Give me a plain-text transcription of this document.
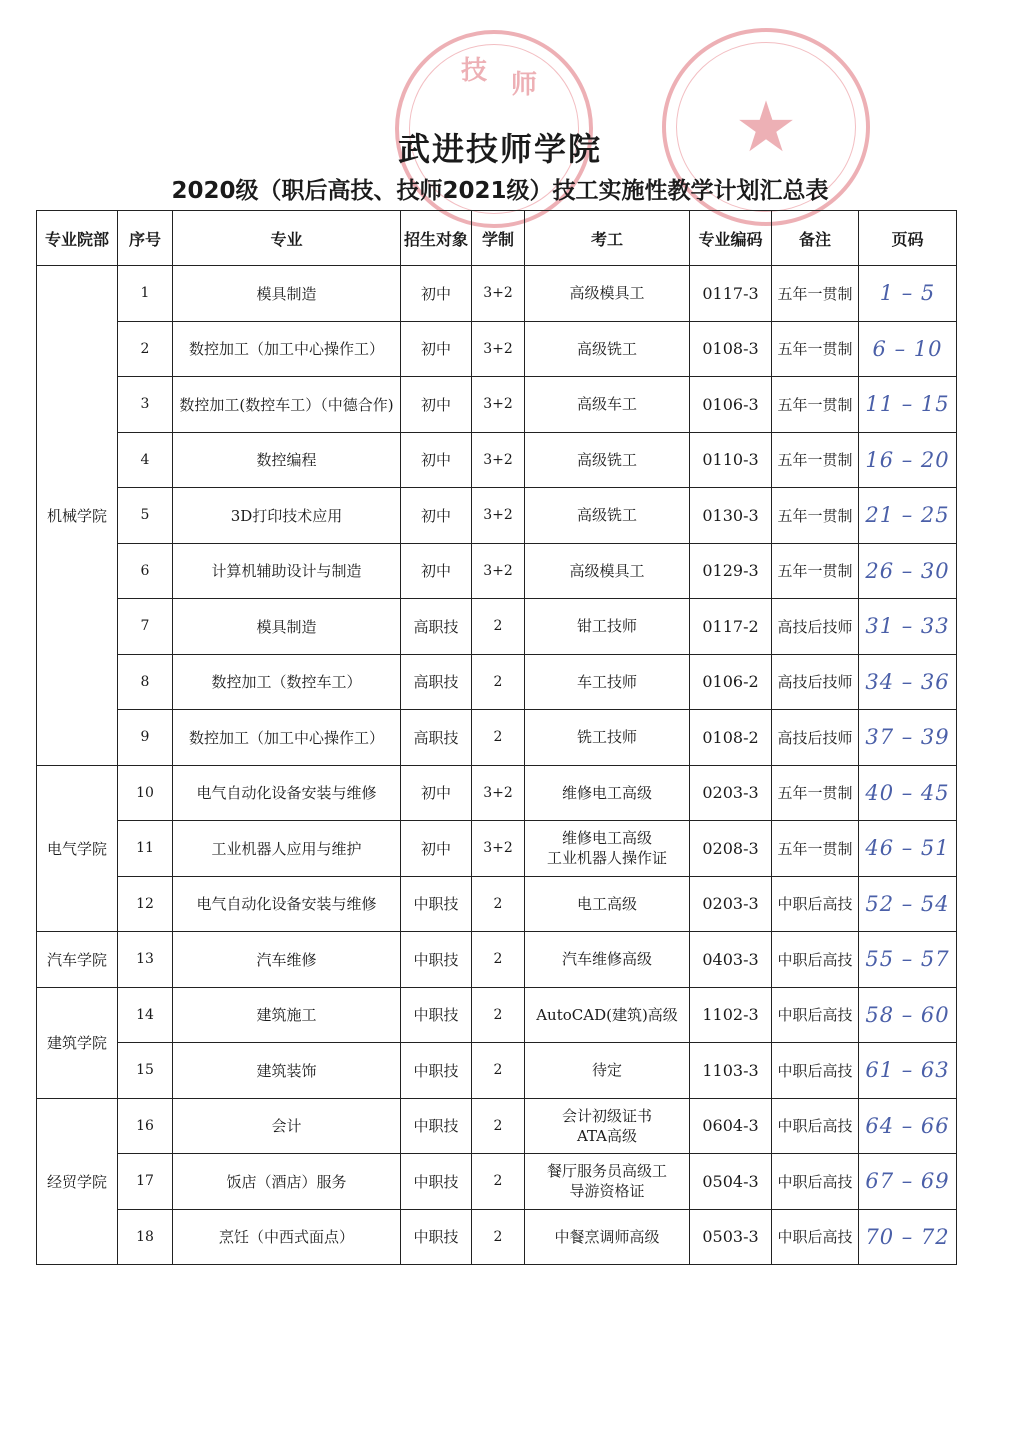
技 师
★
武进技师学院
2020级（职后高技、技师2021级）技工实施性教学计划汇总表
专业院部	序号	专业	招生对象	学制	考工	专业编码	备注	页码
机械学院	1	模具制造	初中	3+2	高级模具工	0117-3	五年一贯制	1 – 5
	2	数控加工（加工中心操作工）	初中	3+2	高级铣工	0108-3	五年一贯制	6 – 10
	3	数控加工(数控车工）（中德合作)	初中	3+2	高级车工	0106-3	五年一贯制	11 – 15
	4	数控编程	初中	3+2	高级铣工	0110-3	五年一贯制	16 – 20
	5	3D打印技术应用	初中	3+2	高级铣工	0130-3	五年一贯制	21 – 25
	6	计算机辅助设计与制造	初中	3+2	高级模具工	0129-3	五年一贯制	26 – 30
	7	模具制造	高职技	2	钳工技师	0117-2	高技后技师	31 – 33
	8	数控加工（数控车工）	高职技	2	车工技师	0106-2	高技后技师	34 – 36
	9	数控加工（加工中心操作工）	高职技	2	铣工技师	0108-2	高技后技师	37 – 39
电气学院	10	电气自动化设备安装与维修	初中	3+2	维修电工高级	0203-3	五年一贯制	40 – 45
	11	工业机器人应用与维护	初中	3+2	维修电工高级
工业机器人操作证	0208-3	五年一贯制	46 – 51
	12	电气自动化设备安装与维修	中职技	2	电工高级	0203-3	中职后高技	52 – 54
汽车学院	13	汽车维修	中职技	2	汽车维修高级	0403-3	中职后高技	55 – 57
建筑学院	14	建筑施工	中职技	2	AutoCAD(建筑)高级	1102-3	中职后高技	58 – 60
	15	建筑装饰	中职技	2	待定	1103-3	中职后高技	61 – 63
经贸学院	16	会计	中职技	2	会计初级证书
ATA高级	0604-3	中职后高技	64 – 66
	17	饭店（酒店）服务	中职技	2	餐厅服务员高级工
导游资格证	0504-3	中职后高技	67 – 69
	18	烹饪（中西式面点）	中职技	2	中餐烹调师高级	0503-3	中职后高技	70 – 72
